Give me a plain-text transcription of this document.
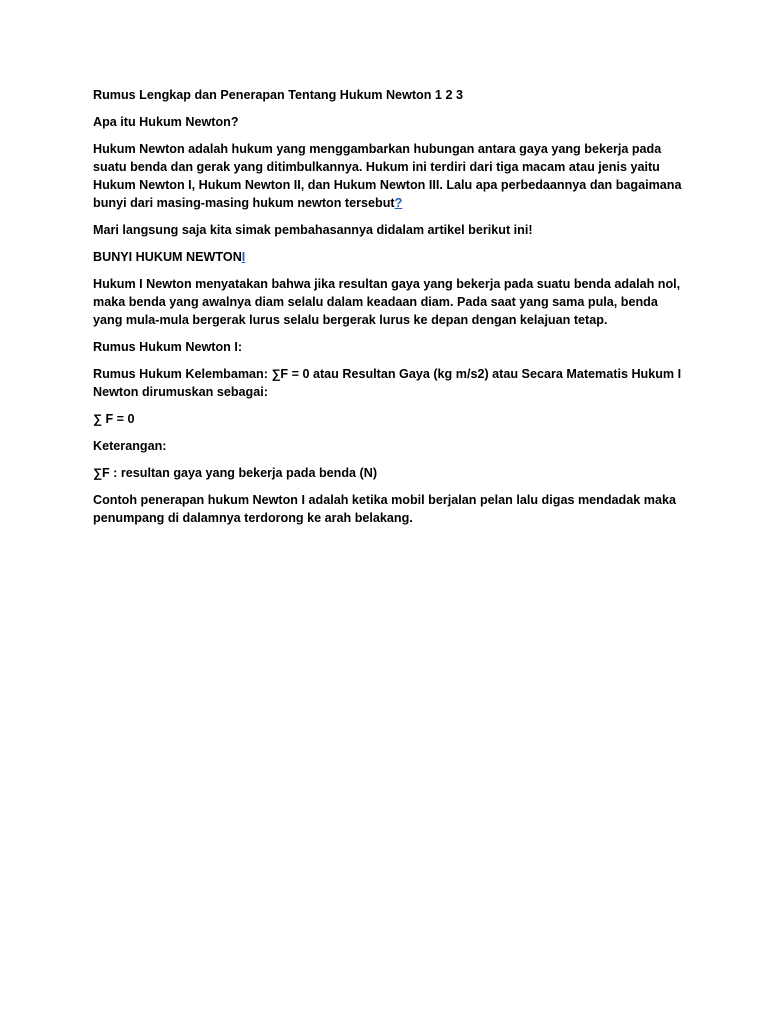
Rumus Lengkap dan Penerapan Tentang Hukum Newton 1 2 3

Apa itu Hukum Newton?

Hukum Newton adalah hukum yang menggambarkan hubungan antara gaya yang bekerja pada suatu benda dan gerak yang ditimbulkannya. Hukum ini terdiri dari tiga macam atau jenis yaitu Hukum Newton I, Hukum Newton II, dan Hukum Newton III. Lalu apa perbedaannya dan bagaimana bunyi dari masing-masing hukum newton tersebut?

Mari langsung saja kita simak pembahasannya didalam artikel berikut ini!

BUNYI HUKUM NEWTONI

Hukum I Newton menyatakan bahwa jika resultan gaya yang bekerja pada suatu benda adalah nol, maka benda yang awalnya diam selalu dalam keadaan diam. Pada saat yang sama pula, benda yang mula-mula bergerak lurus selalu bergerak lurus ke depan dengan kelajuan tetap.

Rumus Hukum Newton I:

Rumus Hukum Kelembaman: ∑F = 0 atau Resultan Gaya (kg m/s2) atau Secara Matematis Hukum I Newton dirumuskan sebagai:

∑ F = 0

Keterangan:

∑F : resultan gaya yang bekerja pada benda (N)

Contoh penerapan hukum Newton I adalah ketika mobil berjalan pelan lalu digas mendadak maka penumpang di dalamnya terdorong ke arah belakang.
